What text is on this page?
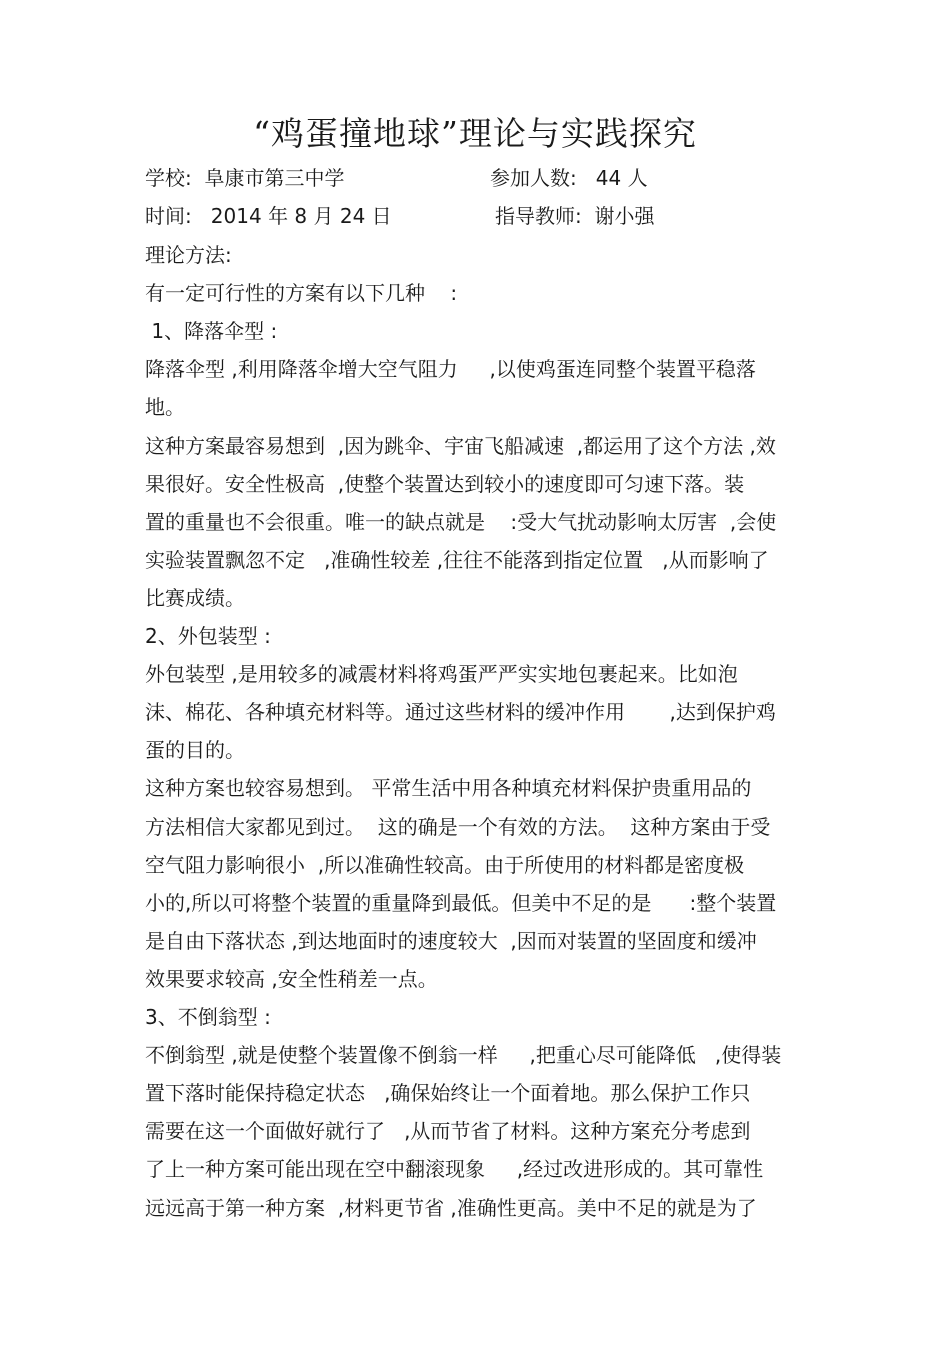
“鸡蛋撞地球”理论与实践探究
学校:  阜康市第三中学	参加人数:   44 人
时间:   2014 年 8 月 24 日	指导教师:  谢小强
理论方法:
有一定可行性的方案有以下几种    :
1、降落伞型 :
降落伞型 ,利用降落伞增大空气阻力     ,以使鸡蛋连同整个装置平稳落
地。
这种方案最容易想到  ,因为跳伞、宇宙飞船减速  ,都运用了这个方法 ,效
果很好。安全性极高  ,使整个装置达到较小的速度即可匀速下落。装
置的重量也不会很重。唯一的缺点就是    :受大气扰动影响太厉害  ,会使
实验装置飘忽不定   ,准确性较差 ,往往不能落到指定位置   ,从而影响了
比赛成绩。
2、外包装型 :
外包装型 ,是用较多的减震材料将鸡蛋严严实实地包裹起来。比如泡
沫、棉花、各种填充材料等。通过这些材料的缓冲作用       ,达到保护鸡
蛋的目的。
这种方案也较容易想到。 平常生活中用各种填充材料保护贵重用品的
方法相信大家都见到过。  这的确是一个有效的方法。  这种方案由于受
空气阻力影响很小  ,所以准确性较高。由于所使用的材料都是密度极
小的,所以可将整个装置的重量降到最低。但美中不足的是      :整个装置
是自由下落状态 ,到达地面时的速度较大  ,因而对装置的坚固度和缓冲
效果要求较高 ,安全性稍差一点。
3、不倒翁型 :
不倒翁型 ,就是使整个装置像不倒翁一样     ,把重心尽可能降低   ,使得装
置下落时能保持稳定状态   ,确保始终让一个面着地。那么保护工作只
需要在这一个面做好就行了   ,从而节省了材料。这种方案充分考虑到
了上一种方案可能出现在空中翻滚现象     ,经过改进形成的。其可靠性
远远高于第一种方案  ,材料更节省 ,准确性更高。美中不足的就是为了
